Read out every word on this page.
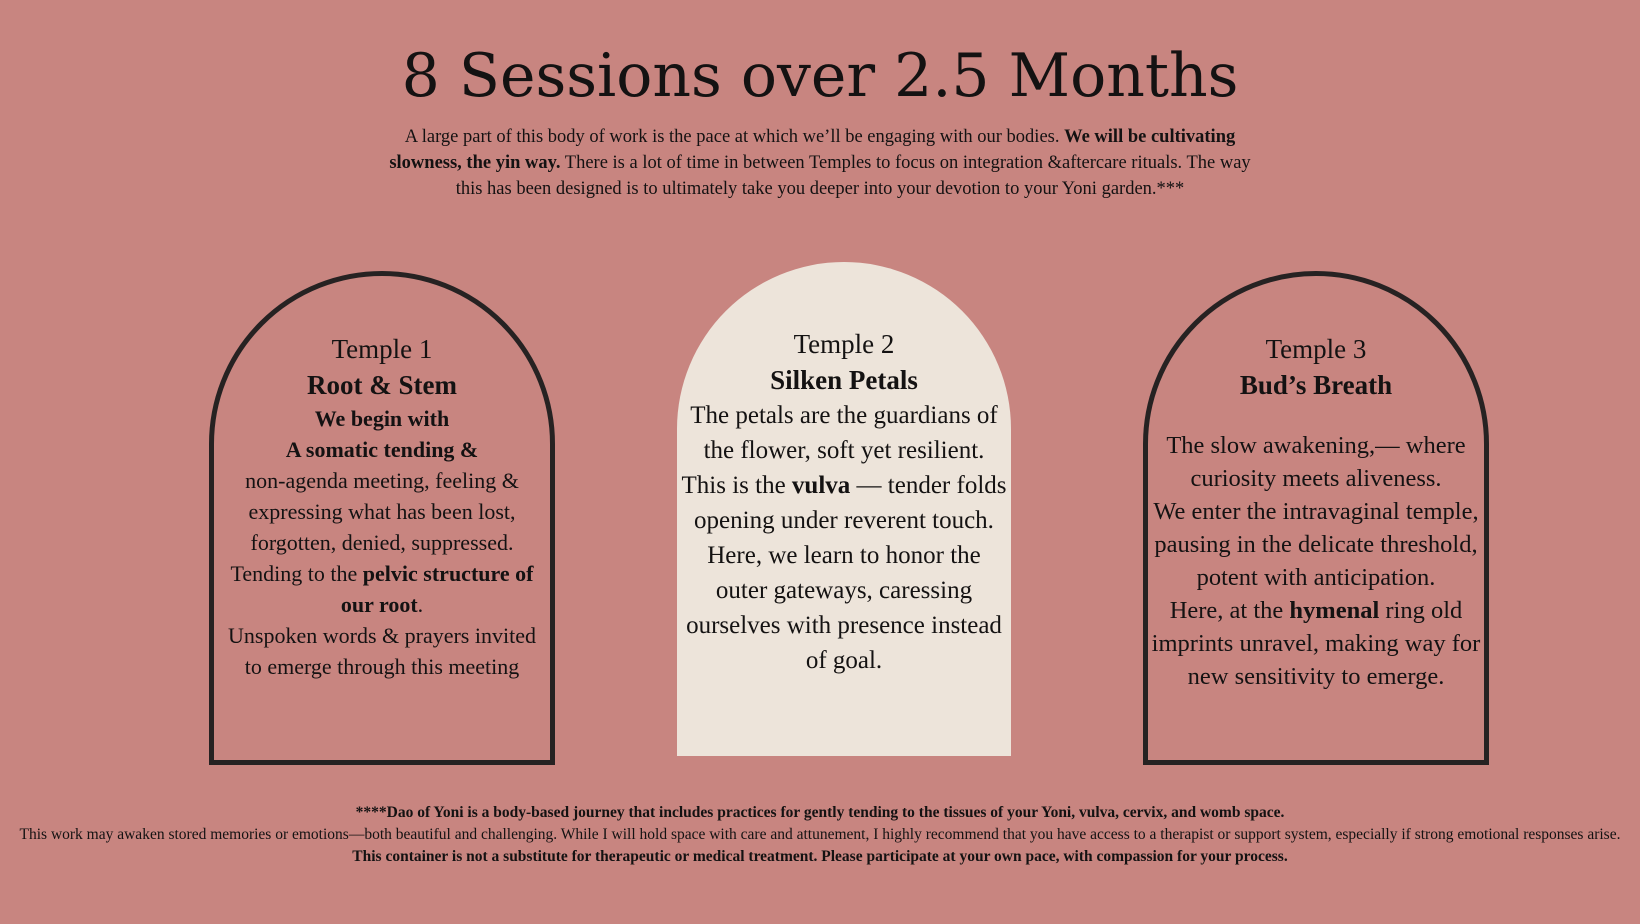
8 Sessions over 2.5 Months
A large part of this body of work is the pace at which we’ll be engaging with our bodies. We will be cultivating slowness, the yin way. There is a lot of time in between Temples to focus on integration &aftercare rituals. The way this has been designed is to ultimately take you deeper into your devotion to your Yoni garden.***
Temple 1
Root & Stem
We begin with
A somatic tending &
non-agenda meeting, feeling & expressing what has been lost, forgotten, denied, suppressed.
Tending to the pelvic structure of our root.
Unspoken words & prayers invited to emerge through this meeting
Temple 2
Silken Petals
The petals are the guardians of the flower, soft yet resilient.
This is the vulva — tender folds opening under reverent touch.
Here, we learn to honor the outer gateways, caressing ourselves with presence instead of goal.
Temple 3
Bud’s Breath
The slow awakening,— where curiosity meets aliveness.
We enter the intravaginal temple, pausing in the delicate threshold, potent with anticipation.
Here, at the hymenal ring old imprints unravel, making way for new sensitivity to emerge.
****Dao of Yoni is a body-based journey that includes practices for gently tending to the tissues of your Yoni, vulva, cervix, and womb space.
This work may awaken stored memories or emotions—both beautiful and challenging. While I will hold space with care and attunement, I highly recommend that you have access to a therapist or support system, especially if strong emotional responses arise.
This container is not a substitute for therapeutic or medical treatment. Please participate at your own pace, with compassion for your process.
